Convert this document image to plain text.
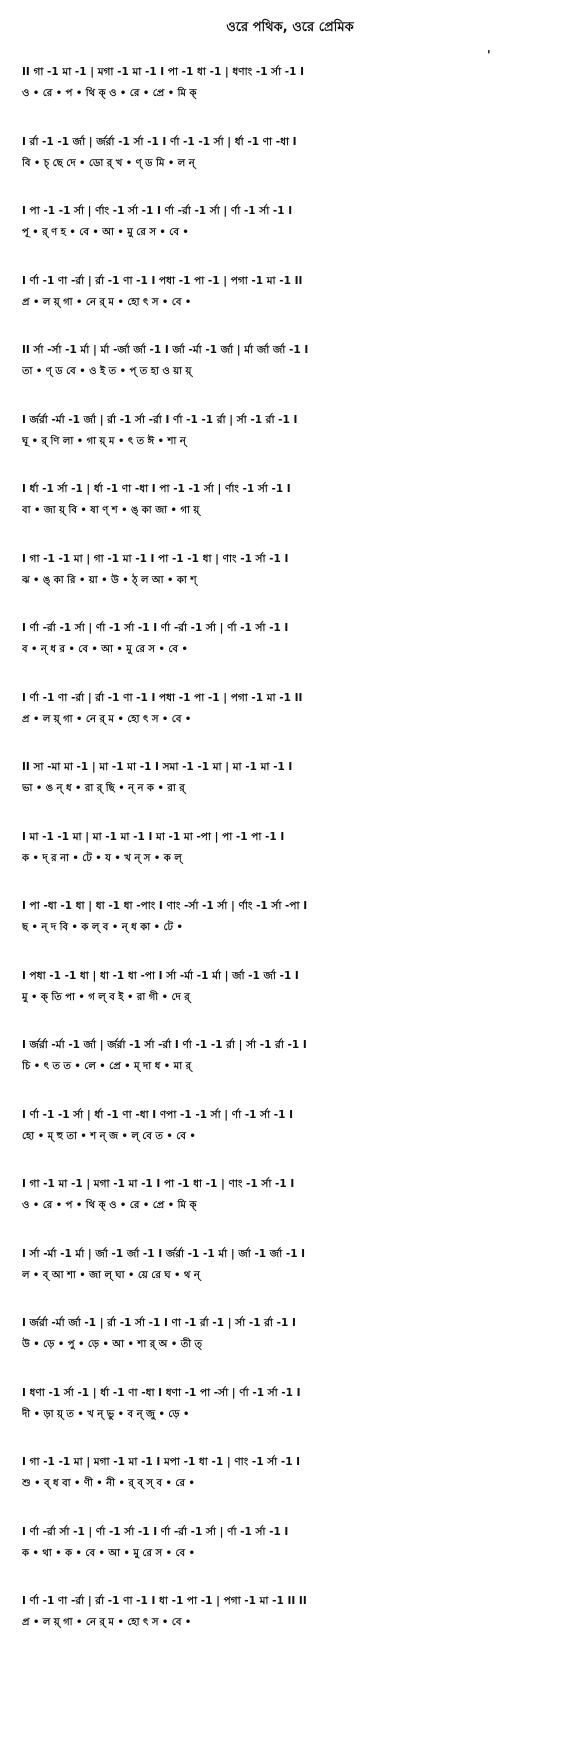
ওরে পথিক, ওরে প্রেমিক
'
II গা -1 মা -1 | মগা -1 মা -1 I পা -1 ধা -1 | ধণাং -1 র্সা -1 I
ও • রে • প • থি ক্ ও • রে • প্রে • মি ক্
I র্রা -1 -1 র্জা | র্জর্রা -1 র্সা -1 I র্ণা -1 -1 র্সা | র্ধা -1 ণা -ধা I
বি • চ্ ছে দে • ডো র্ খ • ণ্ ড মি • ল ন্
I পা -1 -1 র্সা | র্ণাং -1 র্সা -1 I র্ণা -র্রা -1 র্সা | র্ণা -1 র্সা -1 I
পূ • র্ ণ হ • বে • আ • মু রে স • বে •
I র্ণা -1 ণা -র্রা | র্রা -1 ণা -1 I পধা -1 পা -1 | পগা -1 মা -1 II
প্র • ল য়্ গা • নে র্ ম • হো ৎ স • বে •
II র্সা -র্সা -1 র্মা | র্মা -র্জা র্জা -1 I র্জা -র্মা -1 র্জা | র্মা র্জা র্জা -1 I
তা • ণ্ ড বে • ও ই ত • প্ ত হা ও য়া য়্
I র্জর্রা -র্মা -1 র্জা | র্রা -1 র্সা -র্রা I র্ণা -1 -1 র্রা | র্সা -1 র্রা -1 I
ঘূ • র্ ণি লা • গা য়্ ম • ৎ ত ঈ • শা ন্
I র্ধা -1 র্সা -1 | র্ধা -1 ণা -ধা I পা -1 -1 র্সা | র্ণাং -1 র্সা -1 I
বা • জা য়্ বি • ষা ণ্ শ • ঙ্ কা জা • গা য়্
I গা -1 -1 মা | গা -1 মা -1 I পা -1 -1 ধা | ণাং -1 র্সা -1 I
ঝ • ঙ্ কা রি • য়া • উ • ঠ্ ল আ • কা শ্
I র্ণা -র্রা -1 র্সা | র্ণা -1 র্সা -1 I র্ণা -র্রা -1 র্সা | র্ণা -1 র্সা -1 I
ব • ন্ ধ র • বে • আ • মু রে স • বে •
I র্ণা -1 ণা -র্রা | র্রা -1 ণা -1 I পধা -1 পা -1 | পগা -1 মা -1 II
প্র • ল য়্ গা • নে র্ ম • হো ৎ স • বে •
II সা -মা মা -1 | মা -1 মা -1 I সমা -1 -1 মা | মা -1 মা -1 I
ভা • ঙ ন্ ধ • রা র্ ছি • ন্ ন ক • রা র্
I মা -1 -1 মা | মা -1 মা -1 I মা -1 মা -পা | পা -1 পা -1 I
ক • দ্ র না • টে • য • খ ন্ স • ক ল্
I পা -ধা -1 ধা | ধা -1 ধা -পাং I ণাং -র্সা -1 র্সা | র্ণাং -1 র্সা -পা I
ছ • ন্ দ বি • ক ল্ ব • ন্ ধ কা • টে •
I পধা -1 -1 ধা | ধা -1 ধা -পা I র্সা -র্মা -1 র্মা | র্জা -1 র্জা -1 I
মু • ক্ তি পা • গ ল্ ব ই • রা গী • দে র্
I র্জর্রা -র্মা -1 র্জা | র্জর্রা -1 র্সা -র্রা I র্ণা -1 -1 র্রা | র্সা -1 র্রা -1 I
চি • ৎ ত ত • লে • প্রে • ম্ দা ধ • মা র্
I র্ণা -1 -1 র্সা | র্ধা -1 ণা -ধা I ণপা -1 -1 র্সা | র্ণা -1 র্সা -1 I
হো • ম্ হু তা • শ ন্ জ • ল্ বে ত • বে •
I গা -1 মা -1 | মগা -1 মা -1 I পা -1 ধা -1 | ণাং -1 র্সা -1 I
ও • রে • প • থি ক্ ও • রে • প্রে • মি ক্
I র্সা -র্মা -1 র্মা | র্জা -1 র্জা -1 I র্জর্রা -1 -1 র্মা | র্জা -1 র্জা -1 I
ল • ব্ আ শা • জা ল্ ঘা • য়ে রে ঘ • থ ন্
I র্জর্রা -র্মা র্জা -1 | র্রা -1 র্সা -1 I ণা -1 র্রা -1 | র্সা -1 র্রা -1 I
উ • ড়ে • পু • ড়ে • আ • শা র্ অ • তী ত্
I ধণা -1 র্সা -1 | র্ধা -1 ণা -ধা I ধণা -1 পা -র্সা | র্ণা -1 র্সা -1 I
দী • ড়া য়্ ত • খ ন্ ভু • ব ন্ জু • ড়ে •
I গা -1 -1 মা | মগা -1 মা -1 I মপা -1 ধা -1 | ণাং -1 র্সা -1 I
শু • ব্ ধ বা • ণী • নী • র্ ব্ স্ ব • রে •
I র্ণা -র্রা র্সা -1 | র্ণা -1 র্সা -1 I র্ণা -র্রা -1 র্সা | র্ণা -1 র্সা -1 I
ক • থা • ক • বে • আ • মু রে স • বে •
I র্ণা -1 ণা -র্রা | র্রা -1 ণা -1 I ধা -1 পা -1 | পগা -1 মা -1 II II
প্র • ল য়্ গা • নে র্ ম • হো ৎ স • বে •
